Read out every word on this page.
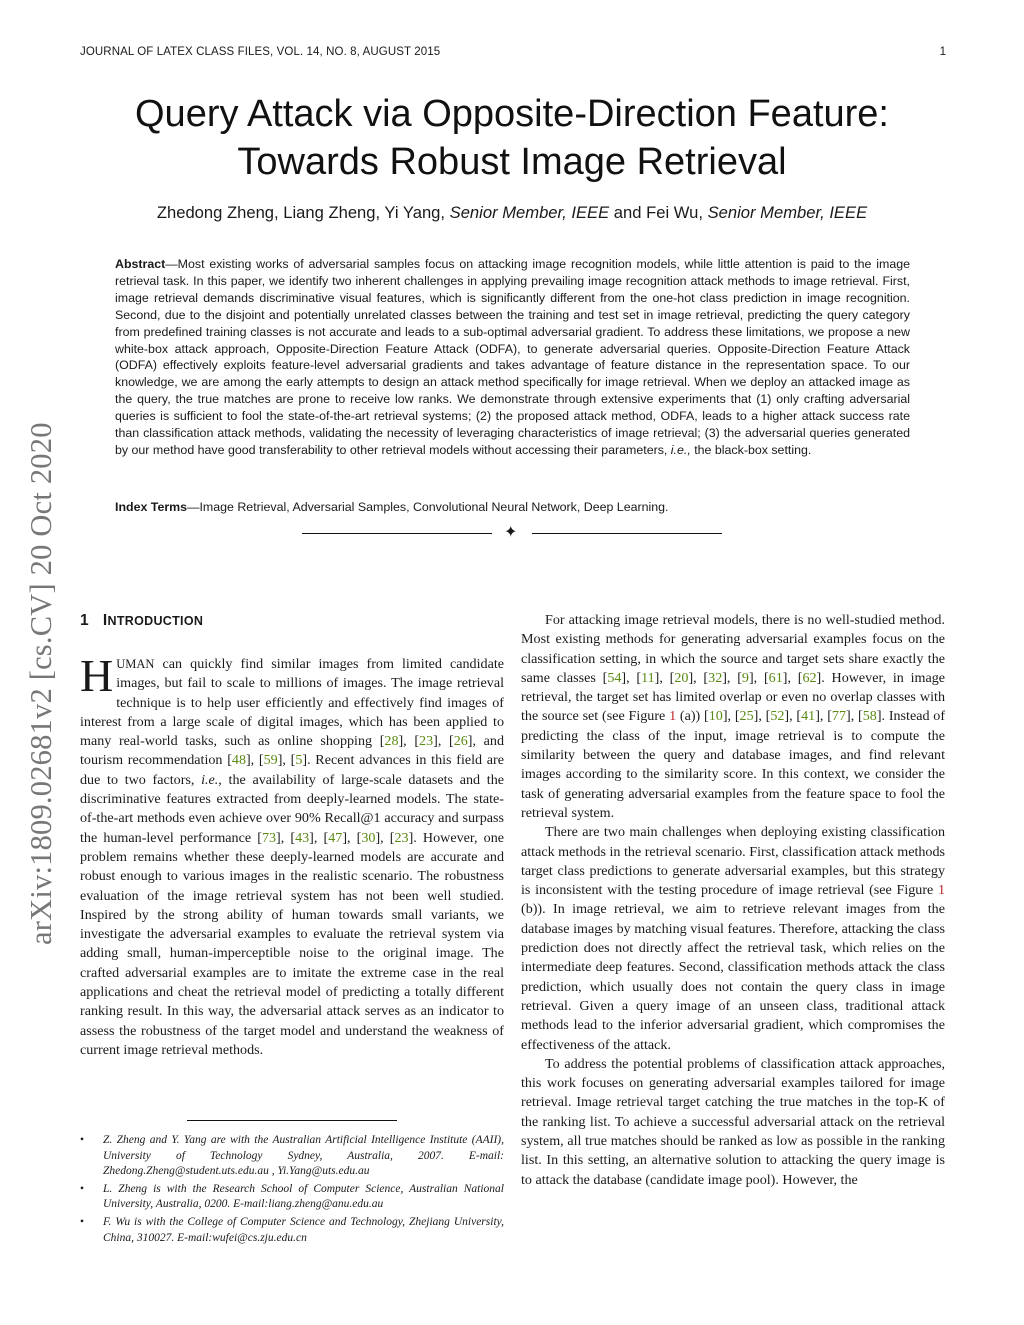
JOURNAL OF LATEX CLASS FILES, VOL. 14, NO. 8, AUGUST 2015	1
arXiv:1809.02681v2 [cs.CV] 20 Oct 2020
Query Attack via Opposite-Direction Feature:
Towards Robust Image Retrieval
Zhedong Zheng, Liang Zheng, Yi Yang, Senior Member, IEEE and Fei Wu, Senior Member, IEEE
Abstract—Most existing works of adversarial samples focus on attacking image recognition models, while little attention is paid to the image retrieval task. In this paper, we identify two inherent challenges in applying prevailing image recognition attack methods to image retrieval. First, image retrieval demands discriminative visual features, which is significantly different from the one-hot class prediction in image recognition. Second, due to the disjoint and potentially unrelated classes between the training and test set in image retrieval, predicting the query category from predefined training classes is not accurate and leads to a sub-optimal adversarial gradient. To address these limitations, we propose a new white-box attack approach, Opposite-Direction Feature Attack (ODFA), to generate adversarial queries. Opposite-Direction Feature Attack (ODFA) effectively exploits feature-level adversarial gradients and takes advantage of feature distance in the representation space. To our knowledge, we are among the early attempts to design an attack method specifically for image retrieval. When we deploy an attacked image as the query, the true matches are prone to receive low ranks. We demonstrate through extensive experiments that (1) only crafting adversarial queries is sufficient to fool the state-of-the-art retrieval systems; (2) the proposed attack method, ODFA, leads to a higher attack success rate than classification attack methods, validating the necessity of leveraging characteristics of image retrieval; (3) the adversarial queries generated by our method have good transferability to other retrieval models without accessing their parameters, i.e., the black-box setting.
Index Terms—Image Retrieval, Adversarial Samples, Convolutional Neural Network, Deep Learning.
✦
1 INTRODUCTION

HUMAN can quickly find similar images from limited candidate images, but fail to scale to millions of images. The image retrieval technique is to help user efficiently and effectively find images of interest from a large scale of digital images, which has been applied to many real-world tasks, such as online shopping [28], [23], [26], and tourism recommendation [48], [59], [5]. Recent advances in this field are due to two factors, i.e., the availability of large-scale datasets and the discriminative features extracted from deeply-learned models. The state-of-the-art methods even achieve over 90% Recall@1 accuracy and surpass the human-level performance [73], [43], [47], [30], [23]. However, one problem remains whether these deeply-learned models are accurate and robust enough to various images in the realistic scenario. The robustness evaluation of the image retrieval system has not been well studied. Inspired by the strong ability of human towards small variants, we investigate the adversarial examples to evaluate the retrieval system via adding small, human-imperceptible noise to the original image. The crafted adversarial examples are to imitate the extreme case in the real applications and cheat the retrieval model of predicting a totally different ranking result. In this way, the adversarial attack serves as an indicator to assess the robustness of the target model and understand the weakness of current image retrieval methods.

• Z. Zheng and Y. Yang are with the Australian Artificial Intelligence Institute (AAII), University of Technology Sydney, Australia, 2007. E-mail: Zhedong.Zheng@student.uts.edu.au , Yi.Yang@uts.edu.au
• L. Zheng is with the Research School of Computer Science, Australian National University, Australia, 0200. E-mail:liang.zheng@anu.edu.au
• F. Wu is with the College of Computer Science and Technology, Zhejiang University, China, 310027. E-mail:wufei@cs.zju.edu.cn

For attacking image retrieval models, there is no well-studied method. Most existing methods for generating adversarial examples focus on the classification setting, in which the source and target sets share exactly the same classes [54], [11], [20], [32], [9], [61], [62]. However, in image retrieval, the target set has limited overlap or even no overlap classes with the source set (see Figure 1 (a)) [10], [25], [52], [41], [77], [58]. Instead of predicting the class of the input, image retrieval is to compute the similarity between the query and database images, and find relevant images according to the similarity score. In this context, we consider the task of generating adversarial examples from the feature space to fool the retrieval system.

There are two main challenges when deploying existing classification attack methods in the retrieval scenario. First, classification attack methods target class predictions to generate adversarial examples, but this strategy is inconsistent with the testing procedure of image retrieval (see Figure 1 (b)). In image retrieval, we aim to retrieve relevant images from the database images by matching visual features. Therefore, attacking the class prediction does not directly affect the retrieval task, which relies on the intermediate deep features. Second, classification methods attack the class prediction, which usually does not contain the query class in image retrieval. Given a query image of an unseen class, traditional attack methods lead to the inferior adversarial gradient, which compromises the effectiveness of the attack.

To address the potential problems of classification attack approaches, this work focuses on generating adversarial examples tailored for image retrieval. Image retrieval target catching the true matches in the top-K of the ranking list. To achieve a successful adversarial attack on the retrieval system, all true matches should be ranked as low as possible in the ranking list. In this setting, an alternative solution to attacking the query image is to attack the database (candidate image pool). However, the
